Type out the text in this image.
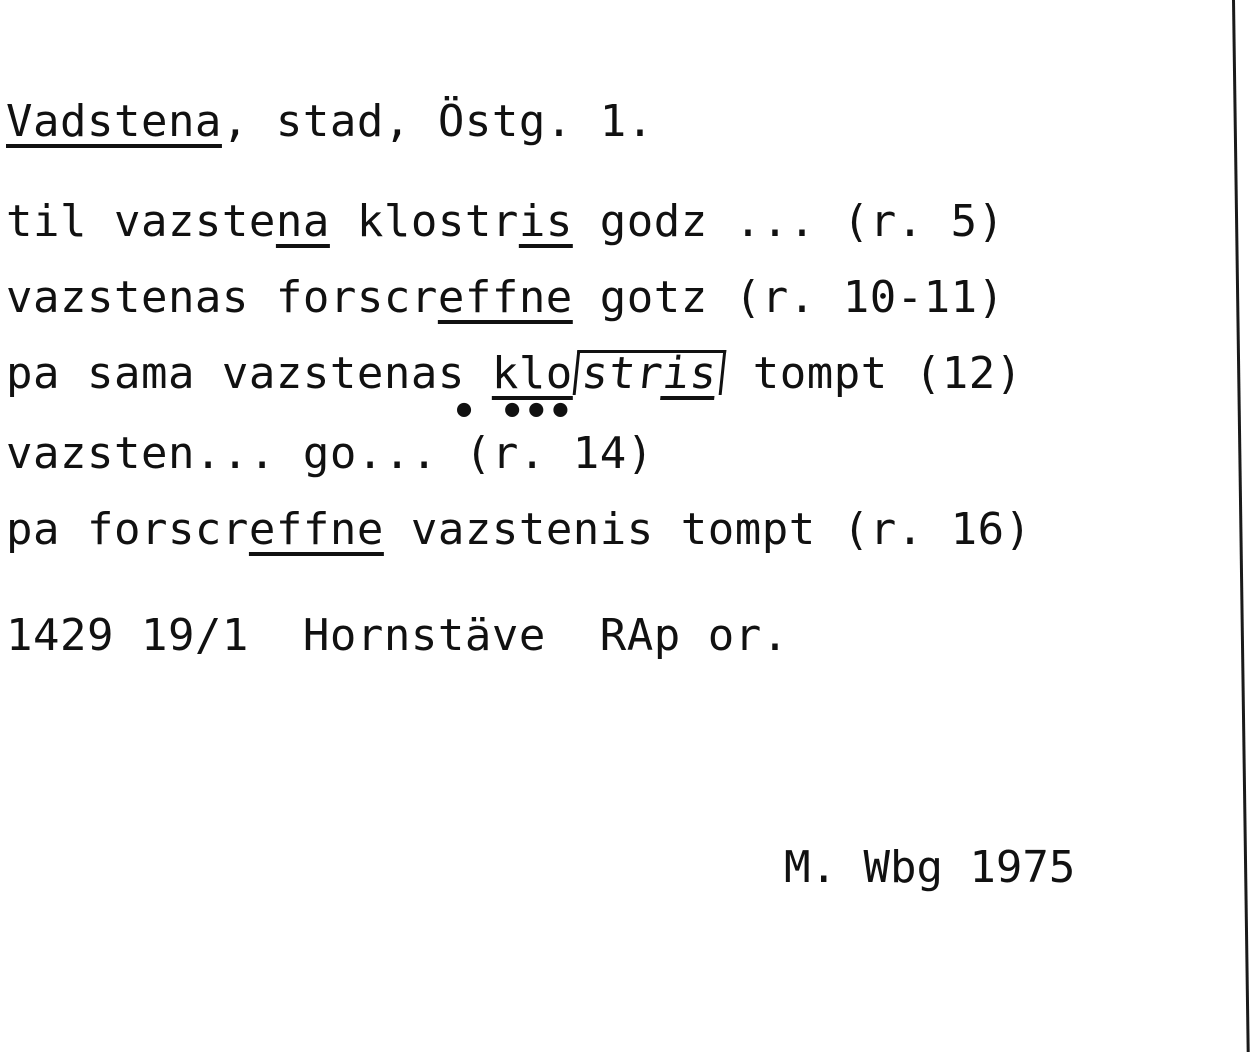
Vadstena, stad, Östg. 1.
til vazstena klostris godz ... (r. 5)
vazstenas forscreffne gotz (r. 10-11)
pa sama vazstenas klo stris tompt (12)
• •••
vazsten... go... (r. 14)
pa forscreffne vazstenis tompt (r. 16)
1429 19/1  Hornstäve  RAp or.
M. Wbg 1975
